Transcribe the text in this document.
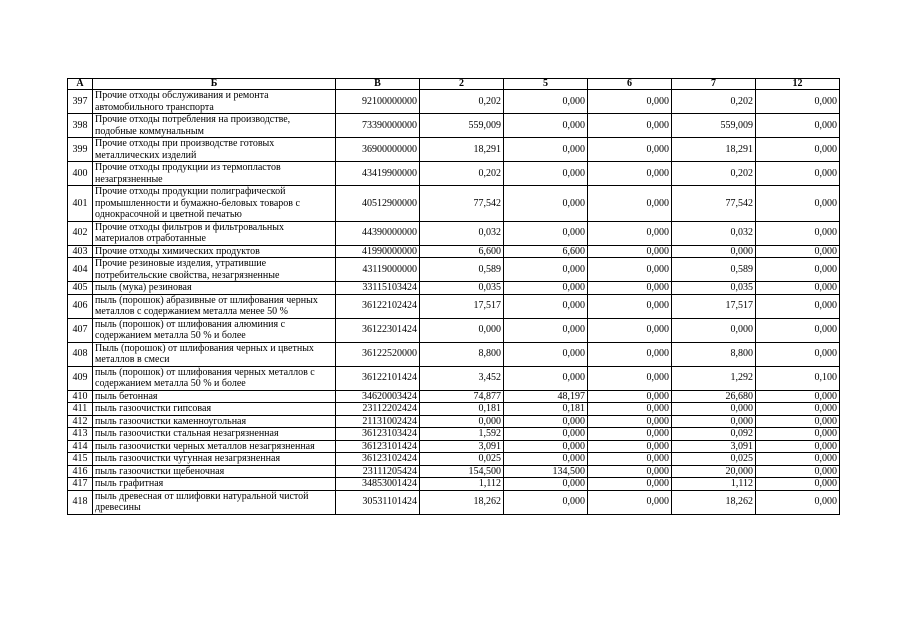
А	Б	В	2	5	6	7	12
397	Прочие отходы обслуживания и ремонта автомобильного транспорта	92100000000	0,202	0,000	0,000	0,202	0,000
398	Прочие отходы потребления на производстве, подобные коммунальным	73390000000	559,009	0,000	0,000	559,009	0,000
399	Прочие отходы при производстве готовых металлических изделий	36900000000	18,291	0,000	0,000	18,291	0,000
400	Прочие отходы продукции из термопластов незагрязненные	43419900000	0,202	0,000	0,000	0,202	0,000
401	Прочие отходы продукции полиграфической промышленности и бумажно-беловых товаров с однокрасочной и цветной печатью	40512900000	77,542	0,000	0,000	77,542	0,000
402	Прочие отходы фильтров и фильтровальных материалов отработанные	44390000000	0,032	0,000	0,000	0,032	0,000
403	Прочие отходы химических продуктов	41990000000	6,600	6,600	0,000	0,000	0,000
404	Прочие резиновые изделия, утратившие потребительские свойства, незагрязненные	43119000000	0,589	0,000	0,000	0,589	0,000
405	пыль (мука) резиновая	33115103424	0,035	0,000	0,000	0,035	0,000
406	пыль (порошок) абразивные от шлифования черных металлов с содержанием металла менее 50 %	36122102424	17,517	0,000	0,000	17,517	0,000
407	пыль (порошок) от шлифования алюминия с содержанием металла 50 % и более	36122301424	0,000	0,000	0,000	0,000	0,000
408	Пыль (порошок) от шлифования черных и цветных металлов в смеси	36122520000	8,800	0,000	0,000	8,800	0,000
409	пыль (порошок) от шлифования черных металлов с содержанием металла 50 % и более	36122101424	3,452	0,000	0,000	1,292	0,100
410	пыль бетонная	34620003424	74,877	48,197	0,000	26,680	0,000
411	пыль газоочистки гипсовая	23112202424	0,181	0,181	0,000	0,000	0,000
412	пыль газоочистки каменноугольная	21131002424	0,000	0,000	0,000	0,000	0,000
413	пыль газоочистки стальная незагрязненная	36123103424	1,592	0,000	0,000	0,092	0,000
414	пыль газоочистки черных металлов незагрязненная	36123101424	3,091	0,000	0,000	3,091	0,000
415	пыль газоочистки чугунная незагрязненная	36123102424	0,025	0,000	0,000	0,025	0,000
416	пыль газоочистки щебеночная	23111205424	154,500	134,500	0,000	20,000	0,000
417	пыль графитная	34853001424	1,112	0,000	0,000	1,112	0,000
418	пыль древесная от шлифовки натуральной чистой древесины	30531101424	18,262	0,000	0,000	18,262	0,000
